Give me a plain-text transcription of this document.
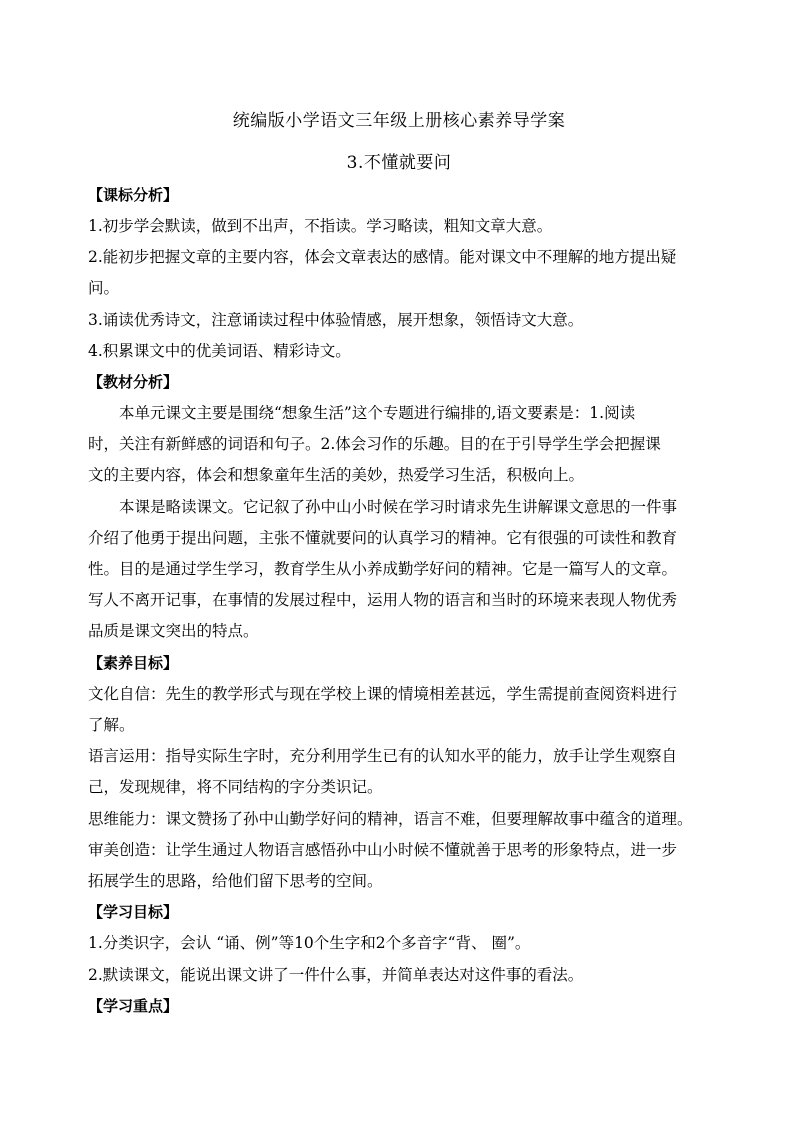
统编版小学语文三年级上册核心素养导学案
3.不懂就要问
【课标分析】
1.初步学会默读，做到不出声，不指读。学习略读，粗知文章大意。
2.能初步把握文章的主要内容，体会文章表达的感情。能对课文中不理解的地方提出疑
问。
3.诵读优秀诗文，注意诵读过程中体验情感，展开想象，领悟诗文大意。
4.积累课文中的优美词语、精彩诗文。
【教材分析】
本单元课文主要是围绕“想象生活”这个专题进行编排的,语文要素是：1.阅读
时，关注有新鲜感的词语和句子。2.体会习作的乐趣。目的在于引导学生学会把握课
文的主要内容，体会和想象童年生活的美妙，热爱学习生活，积极向上。
本课是略读课文。它记叙了孙中山小时候在学习时请求先生讲解课文意思的一件事
介绍了他勇于提出问题，主张不懂就要问的认真学习的精神。它有很强的可读性和教育
性。目的是通过学生学习，教育学生从小养成勤学好问的精神。它是一篇写人的文章。
写人不离开记事，在事情的发展过程中，运用人物的语言和当时的环境来表现人物优秀
品质是课文突出的特点。
【素养目标】
文化自信：先生的教学形式与现在学校上课的情境相差甚远，学生需提前查阅资料进行
了解。
语言运用：指导实际生字时，充分利用学生已有的认知水平的能力，放手让学生观察自
己，发现规律，将不同结构的字分类识记。
思维能力：课文赞扬了孙中山勤学好问的精神，语言不难，但要理解故事中蕴含的道理。
审美创造：让学生通过人物语言感悟孙中山小时候不懂就善于思考的形象特点，进一步
拓展学生的思路，给他们留下思考的空间。
【学习目标】
1.分类识字，会认 “诵、例”等10个生字和2个多音字“背、 圈”。
2.默读课文，能说出课文讲了一件什么事，并简单表达对这件事的看法。
【学习重点】
